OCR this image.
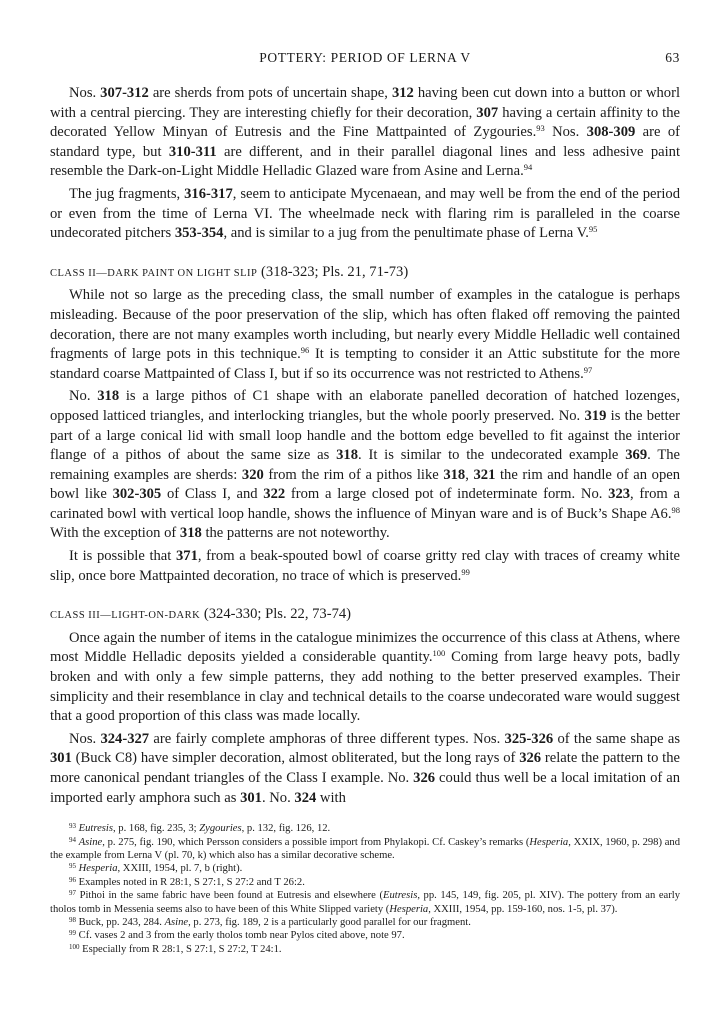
POTTERY: PERIOD OF LERNA V	63

Nos. 307-312 are sherds from pots of uncertain shape, 312 having been cut down into a button or whorl with a central piercing. They are interesting chiefly for their decoration, 307 having a certain affinity to the decorated Yellow Minyan of Eutresis and the Fine Mattpainted of Zygouries.$^{93}$ Nos. 308-309 are of standard type, but 310-311 are different, and in their parallel diagonal lines and less adhesive paint resemble the Dark-on-Light Middle Helladic Glazed ware from Asine and Lerna.$^{94}$

The jug fragments, 316-317, seem to anticipate Mycenaean, and may well be from the end of the period or even from the time of Lerna VI. The wheelmade neck with flaring rim is paralleled in the coarse undecorated pitchers 353-354, and is similar to a jug from the penultimate phase of Lerna V.$^{95}$

CLASS II—DARK PAINT ON LIGHT SLIP (318-323; Pls. 21, 71-73)

While not so large as the preceding class, the small number of examples in the catalogue is perhaps misleading. Because of the poor preservation of the slip, which has often flaked off removing the painted decoration, there are not many examples worth including, but nearly every Middle Helladic well contained fragments of large pots in this technique.$^{96}$ It is tempting to consider it an Attic substitute for the more standard coarse Mattpainted of Class I, but if so its occurrence was not restricted to Athens.$^{97}$

No. 318 is a large pithos of C1 shape with an elaborate panelled decoration of hatched lozenges, opposed latticed triangles, and interlocking triangles, but the whole poorly preserved. No. 319 is the better part of a large conical lid with small loop handle and the bottom edge bevelled to fit against the interior flange of a pithos of about the same size as 318. It is similar to the undecorated example 369. The remaining examples are sherds: 320 from the rim of a pithos like 318, 321 the rim and handle of an open bowl like 302-305 of Class I, and 322 from a large closed pot of indeterminate form. No. 323, from a carinated bowl with vertical loop handle, shows the influence of Minyan ware and is of Buck’s Shape A6.98 With the exception of 318 the patterns are not noteworthy.

It is possible that 371, from a beak-spouted bowl of coarse gritty red clay with traces of creamy white slip, once bore Mattpainted decoration, no trace of which is preserved.$^{99}$

CLASS III—LIGHT-ON-DARK (324-330; Pls. 22, 73-74)

Once again the number of items in the catalogue minimizes the occurrence of this class at Athens, where most Middle Helladic deposits yielded a considerable quantity.$^{100}$ Coming from large heavy pots, badly broken and with only a few simple patterns, they add nothing to the better preserved examples. Their simplicity and their resemblance in clay and technical details to the coarse undecorated ware would suggest that a good proportion of this class was made locally.

Nos. 324-327 are fairly complete amphoras of three different types. Nos. 325-326 of the same shape as 301 (Buck C8) have simpler decoration, almost obliterated, but the long rays of 326 relate the pattern to the more canonical pendant triangles of the Class I example. No. 326 could thus well be a local imitation of an imported early amphora such as 301. No. 324 with

$^{93}$ Eutresis, p. 168, fig. 235, 3; Zygouries, p. 132, fig. 126, 12.

$^{94}$ Asine, p. 275, fig. 190, which Persson considers a possible import from Phylakopi. Cf. Caskey’s remarks (Hesperia, XXIX, 1960, p. 298) and the example from Lerna V (pl. 70, k) which also has a similar decorative scheme.

$^{95}$ Hesperia, XXIII, 1954, pl. 7, b (right).

$^{96}$ Examples noted in R 28:1, S 27:1, S 27:2 and T 26:2.

$^{97}$ Pithoi in the same fabric have been found at Eutresis and elsewhere (Eutresis, pp. 145, 149, fig. 205, pl. XIV). The pottery from an early tholos tomb in Messenia seems also to have been of this White Slipped variety (Hesperia, XXIII, 1954, pp. 159-160, nos. 1-5, pl. 37).

$^{98}$ Buck, pp. 243, 284. Asine, p. 273, fig. 189, 2 is a particularly good parallel for our fragment.

$^{99}$ Cf. vases 2 and 3 from the early tholos tomb near Pylos cited above, note 97.

$^{100}$ Especially from R 28:1, S 27:1, S 27:2, T 24:1.
